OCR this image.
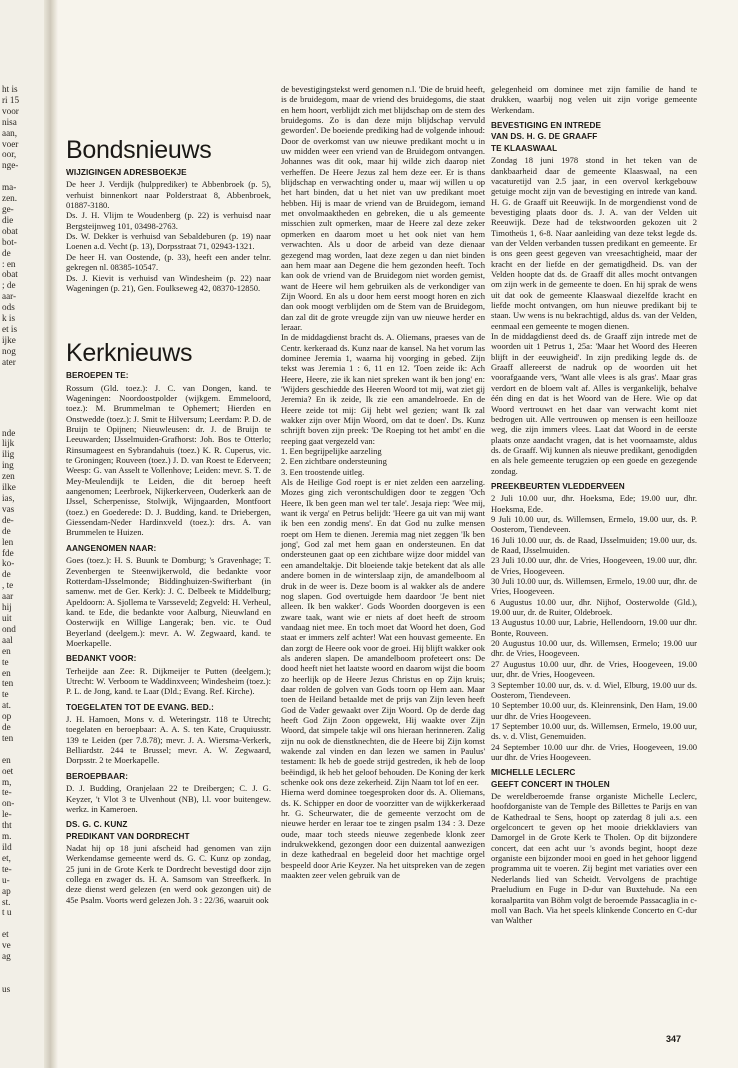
ht is
ri 15
voor
nisa
aan,
voer
oor,
nge-

ma-
zen.
ge-
die
obat
bot-
de
: en
obat
; de
aar-
ods
k is
et is
ijke
nog
ater
nde
lijk
ilig
ing
zen
ilke
ias,
vas
de-
de
len
fde
ko-
de
, te
aar
hij
uit
ond
aal
en
te
en
ten
te
at.
op
de
ten

en
oet
m,
te-
on-
le-
tht
m.
ild
et,
te-
u-
ap
st.
t u

et
ve
ag

us
Bondsnieuws
WIJZIGINGEN ADRESBOEKJE

De heer J. Verdijk (hulpprediker) te Abbenbroek (p. 5), verhuist binnenkort naar Polderstraat 8, Abbenbroek, 01887-3180.

Ds. J. H. Vlijm te Woudenberg (p. 22) is verhuisd naar Bergsteijnweg 101, 03498-2763.

Ds. W. Dekker is verhuisd van Sebaldeburen (p. 19) naar Loenen a.d. Vecht (p. 13), Dorpsstraat 71, 02943-1321.

De heer H. van Oostende, (p. 33), heeft een ander telnr. gekregen nl. 08385-10547.

Ds. J. Kievit is verhuisd van Windesheim (p. 22) naar Wageningen (p. 21), Gen. Foulkseweg 42, 08370-12850.

Kerknieuws
BEROEPEN TE:

Rossum (Gld. toez.): J. C. van Dongen, kand. te Wageningen: Noordoostpolder (wijkgem. Emmeloord, toez.): M. Brummelman te Ophemert; Hierden en Onstwedde (toez.): J. Smit te Hilversum; Leerdam: P. D. de Bruijn te Opijnen; Nieuwleusen: dr. J. de Bruijn te Leeuwarden; IJsselmuiden-Grafhorst: Joh. Bos te Otterlo; Rinsumageest en Sybrandahuis (toez.) K. R. Cuperus, vic. te Groningen; Rouveen (toez.) J. D. van Roest te Ederveen; Weesp: G. van Asselt te Vollenhove; Leiden: mevr. S. T. de Mey-Meulendijk te Leiden, die dit beroep heeft aangenomen; Leerbroek, Nijkerkerveen, Ouderkerk aan de IJssel, Scherpenisse, Stolwijk, Wijngaarden, Montfoort (toez.) en Goederede: D. J. Budding, kand. te Driebergen, Giessendam-Neder Hardinxveld (toez.): drs. A. van Brummelen te Huizen.

AANGENOMEN NAAR:

Goes (toez.): H. S. Buunk te Domburg; 's Gravenhage; T. Zevenbergen te Steenwijkerwold, die bedankte voor Rotterdam-IJsselmonde; Biddinghuizen-Swifterbant (in samenw. met de Ger. Kerk): J. C. Delbeek te Middelburg; Apeldoorn: A. Sjollema te Varsseveld; Zegveld: H. Verheul, kand. te Ede, die bedankte voor Aalburg, Nieuwland en Oosterwijk en Willige Langerak; ben. vic. te Oud Beyerland (deelgem.): mevr. A. W. Zegwaard, kand. te Moerkapelle.

BEDANKT VOOR:

Terheijde aan Zee: R. Dijkmeijer te Putten (deelgem.); Utrecht: W. Verboom te Waddinxveen; Windesheim (toez.): P. L. de Jong, kand. te Laar (Dld.; Evang. Ref. Kirche).

TOEGELATEN TOT DE EVANG. BED.:

J. H. Hamoen, Mons v. d. Weteringstr. 118 te Utrecht; toegelaten en beroepbaar: A. A. S. ten Kate, Cruquiusstr. 139 te Leiden (per 7.8.78); mevr. J. A. Wiersma-Verkerk, Belliardstr. 244 te Brussel; mevr. A. W. Zegwaard, Dorpsstr. 2 te Moerkapelle.

BEROEPBAAR:

D. J. Budding, Oranjelaan 22 te Dreibergen; C. J. G. Keyzer, 't Vlot 3 te Ulvenhout (NB), l.l. voor buitengew. werkz. in Kameroen.

DS. G. C. KUNZ
PREDIKANT VAN DORDRECHT

Nadat hij op 18 juni afscheid had genomen van zijn Werkendamse gemeente werd ds. G. C. Kunz op zondag, 25 juni in de Grote Kerk te Dordrecht bevestigd door zijn collega en zwager ds. H. A. Samsom van Streefkerk. In deze dienst werd gelezen (en werd ook gezongen uit) de 45e Psalm. Voorts werd gelezen Joh. 3 : 22/36, waaruit ook

de bevestigingstekst werd genomen n.l. 'Die de bruid heeft, is de bruidegom, maar de vriend des bruidegoms, die staat en hem hoort, verblijdt zich met blijdschap om de stem des bruidegoms. Zo is dan deze mijn blijdschap vervuld geworden'. De boeiende prediking had de volgende inhoud: Door de overkomst van uw nieuwe predikant mocht u in uw midden weer een vriend van de Bruidegom ontvangen. Johannes was dit ook, maar hij wilde zich daarop niet verheffen. De Heere Jezus zal hem deze eer. Er is thans blijdschap en verwachting onder u, maar wij willen u op het hart binden, dat u het niet van uw predikant moet hebben. Hij is maar de vriend van de Bruidegom, iemand met onvolmaaktheden en gebreken, die u als gemeente misschien zult opmerken, maar de Heere zal deze zeker opmerken en daarom moet u het ook niet van hem verwachten. Als u door de arbeid van deze dienaar gezegend mag worden, laat deze zegen u dan niet binden aan hem maar aan Degene die hem gezonden heeft. Toch kan ook de vriend van de Bruidegom niet worden gemist, want de Heere wil hem gebruiken als de verkondiger van Zijn Woord. En als u door hem eerst moogt horen en zich dan ook moogt verblijden om de Stem van de Bruidegom, dan zal dit de grote vreugde zijn van uw nieuwe herder en leraar.

In de middagdienst bracht ds. A. Oliemans, praeses van de Centr. kerkeraad ds. Kunz naar de kansel. Na het vorum las dominee Jeremia 1, waarna hij voorging in gebed. Zijn tekst was Jeremia 1 : 6, 11 en 12. 'Toen zeide ik: Ach Heere, Heere, zie ik kan niet spreken want ik ben jong' en: 'Wijders geschiedde des Heeren Woord tot mij, wat ziet gij Jeremia? En ik zeide, Ik zie een amandelroede. En de Heere zeide tot mij: Gij hebt wel gezien; want Ik zal wakker zijn over Mijn Woord, om dat te doen'. Ds. Kunz schrijft boven zijn preek: 'De Roeping tot het ambt' en die reeping gaat vergezeld van:

1. Een begrijpelijke aarzeling

2. Een zichtbare ondersteuning

3. Een troostende uitleg.

Als de Heilige God roept is er niet zelden een aarzeling. Mozes ging zich verontschuldigen door te zeggen 'Och Heere, Ik ben geen man wel ter tale'. Jesaja riep: 'Wee mij, want ik verga' en Petrus belijdt: 'Heere ga uit van mij want ik ben een zondig mens'. En dat God nu zulke mensen roept om Hem te dienen. Jeremia mag niet zeggen 'Ik ben jong', God zal met hem gaan en ondersteunen. En dat ondersteunen gaat op een zichtbare wijze door middel van een amandeltakje. Dit bloeiende takje betekent dat als alle andere bomen in de winterslaap zijn, de amandelboom al druk in de weer is. Deze boom is al wakker als de andere nog slapen. God overtuigde hem daardoor 'Je bent niet alleen. Ik ben wakker'. Gods Woorden doorgeven is een zware taak, want wie er niets af doet heeft de stroom vandaag niet mee. En toch moet dat Woord het doen, God staat er immers zelf achter! Wat een houvast gemeente. En dan zorgt de Heere ook voor de groei. Hij blijft wakker ook als anderen slapen. De amandelboom profeteert ons: De dood heeft niet het laatste woord en daarom wijst die boom zo heerlijk op de Heere Jezus Christus en op Zijn kruis; daar rolden de golven van Gods toorn op Hem aan. Maar toen de Heiland betaalde met de prijs van Zijn leven heeft God de Vader gewaakt over Zijn Woord. Op de derde dag heeft God Zijn Zoon opgewekt, Hij waakte over Zijn Woord, dat simpele takje wil ons hieraan herinneren. Zalig zijn nu ook de dienstknechten, die de Heere bij Zijn komst wakende zal vinden en dan lezen we samen in Paulus' testament: Ik heb de goede strijd gestreden, ik heb de loop beëindigd, ik heb het geloof behouden. De Koning der kerk schenke ook ons deze zekerheid. Zijn Naam tot lof en eer.

Hierna werd dominee toegesproken door ds. A. Oliemans, ds. K. Schipper en door de voorzitter van de wijkkerkeraad hr. G. Scheurwater, die de gemeente verzocht om de nieuwe herder en leraar toe te zingen psalm 134 : 3. Deze oude, maar toch steeds nieuwe zegenbede klonk zeer indrukwekkend, gezongen door een duizental aanwezigen in deze kathedraal en begeleid door het machtige orgel bespeeld door Arie Keyzer. Na het uitspreken van de zegen maakten zeer velen gebruik van de

gelegenheid om dominee met zijn familie de hand te drukken, waarbij nog velen uit zijn vorige gemeente Werkendam.

BEVESTIGING EN INTREDE
VAN DS. H. G. DE GRAAFF
TE KLAASWAAL

Zondag 18 juni 1978 stond in het teken van de dankbaarheid daar de gemeente Klaaswaal, na een vacaturetijd van 2.5 jaar, in een overvol kerkgebouw getuige mocht zijn van de bevestiging en intrede van kand. H. G. de Graaff uit Reeuwijk. In de morgendienst vond de bevestiging plaats door ds. J. A. van der Velden uit Reeuwijk. Deze had de tekstwoorden gekozen uit 2 Timotheüs 1, 6-8. Naar aanleiding van deze tekst legde ds. van der Velden verbanden tussen predikant en gemeente. Er is ons geen geest gegeven van vreesachtigheid, maar der kracht en der liefde en der gematigdheid. Ds. van der Velden hoopte dat ds. de Graaff dit alles mocht ontvangen om zijn werk in de gemeente te doen. En hij sprak de wens uit dat ook de gemeente Klaaswaal diezelfde kracht en liefde mocht ontvangen, om hun nieuwe predikant bij te staan. Uw wens is nu bekrachtigd, aldus ds. van der Velden, eenmaal een gemeente te mogen dienen.

In de middagdienst deed ds. de Graaff zijn intrede met de woorden uit 1 Petrus 1, 25a: 'Maar het Woord des Heeren blijft in der eeuwigheid'. In zijn prediking legde ds. de Graaff allereerst de nadruk op de woorden uit het voorafgaande vers, 'Want alle vlees is als gras'. Maar gras verdort en de bloem valt af. Alles is vergankelijk, behalve één ding en dat is het Woord van de Here. Wie op dat Woord vertrouwt en het daar van verwacht komt niet bedrogen uit. Alle vertrouwen op mensen is een heillooze weg, die zijn immers vlees. Laat dat Woord in de eerste plaats onze aandacht vragen, dat is het voornaamste, aldus ds. de Graaff. Wij kunnen als nieuwe predikant, genodigden en als hele gemeente terugzien op een goede en gezegende zondag.

PREEKBEURTEN VLEDDERVEEN

2 Juli 10.00 uur, dhr. Hoeksma, Ede; 19.00 uur, dhr. Hoeksma, Ede.

9 Juli 10.00 uur, ds. Willemsen, Ermelo, 19.00 uur, ds. P. Oosterom, Tiendeveen.

16 Juli 10.00 uur, ds. de Raad, IJsselmuiden; 19.00 uur, ds. de Raad, IJsselmuiden.

23 Juli 10.00 uur, dhr. de Vries, Hoogeveen, 19.00 uur, dhr. de Vries, Hoogeveen.

30 Juli 10.00 uur, ds. Willemsen, Ermelo, 19.00 uur, dhr. de Vries, Hoogeveen.

6 Augustus 10.00 uur, dhr. Nijhof, Oosterwolde (Gld.), 19.00 uur, dr. de Ruiter, Oldebroek.

13 Augustus 10.00 uur, Labrie, Hellendoorn, 19.00 uur dhr. Bonte, Rouveen.

20 Augustus 10.00 uur, ds. Willemsen, Ermelo; 19.00 uur dhr. de Vries, Hoogeveen.

27 Augustus 10.00 uur, dhr. de Vries, Hoogeveen, 19.00 uur, dhr. de Vries, Hoogeveen.

3 September 10.00 uur, ds. v. d. Wiel, Elburg, 19.00 uur ds. Oosterom, Tiendeveen.

10 September 10.00 uur, ds. Kleinrensink, Den Ham, 19.00 uur dhr. de Vries Hoogeveen.

17 September 10.00 uur, ds. Willemsen, Ermelo, 19.00 uur, ds. v. d. Vlist, Genemuiden.

24 September 10.00 uur dhr. de Vries, Hoogeveen, 19.00 uur dhr. de Vries Hoogeveen.

MICHELLE LECLERC
GEEFT CONCERT IN THOLEN

De wereldberoemde franse organiste Michelle Leclerc, hoofdorganiste van de Temple des Billettes te Parijs en van de Kathedraal te Sens, hoopt op zaterdag 8 juli a.s. een orgelconcert te geven op het mooie driekklaviers van Damorgel in de Grote Kerk te Tholen. Op dit bijzondere concert, dat een acht uur 's avonds begint, hoopt deze organiste een bijzonder mooi en goed in het gehoor liggend programma uit te voeren. Zij begint met variaties over een Nederlands lied van Scheidt. Vervolgens de prachtige Praeludium en Fuge in D-dur van Buxtehude. Na een koraalpartita van Böhm volgt de beroemde Passacaglia in c-moll van Bach. Via het speels klinkende Concerto en C-dur van Walther

347
